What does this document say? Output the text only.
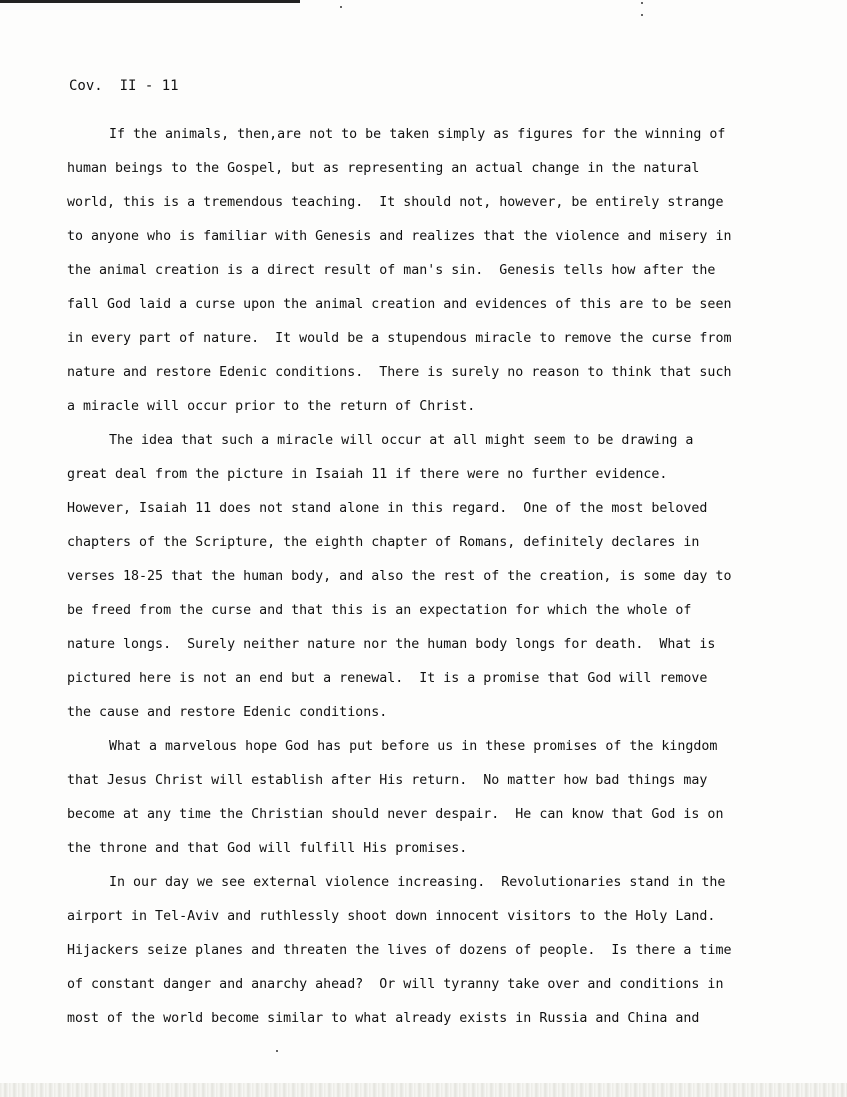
Cov.  II - 11
If the animals, then,are not to be taken simply as figures for the winning of
human beings to the Gospel, but as representing an actual change in the natural
world, this is a tremendous teaching.  It should not, however, be entirely strange
to anyone who is familiar with Genesis and realizes that the violence and misery in
the animal creation is a direct result of man's sin.  Genesis tells how after the
fall God laid a curse upon the animal creation and evidences of this are to be seen
in every part of nature.  It would be a stupendous miracle to remove the curse from
nature and restore Edenic conditions.  There is surely no reason to think that such
a miracle will occur prior to the return of Christ.
The idea that such a miracle will occur at all might seem to be drawing a
great deal from the picture in Isaiah 11 if there were no further evidence.
However, Isaiah 11 does not stand alone in this regard.  One of the most beloved
chapters of the Scripture, the eighth chapter of Romans, definitely declares in
verses 18-25 that the human body, and also the rest of the creation, is some day to
be freed from the curse and that this is an expectation for which the whole of
nature longs.  Surely neither nature nor the human body longs for death.  What is
pictured here is not an end but a renewal.  It is a promise that God will remove
the cause and restore Edenic conditions.
What a marvelous hope God has put before us in these promises of the kingdom
that Jesus Christ will establish after His return.  No matter how bad things may
become at any time the Christian should never despair.  He can know that God is on
the throne and that God will fulfill His promises.
In our day we see external violence increasing.  Revolutionaries stand in the
airport in Tel-Aviv and ruthlessly shoot down innocent visitors to the Holy Land.
Hijackers seize planes and threaten the lives of dozens of people.  Is there a time
of constant danger and anarchy ahead?  Or will tyranny take over and conditions in
most of the world become similar to what already exists in Russia and China and
